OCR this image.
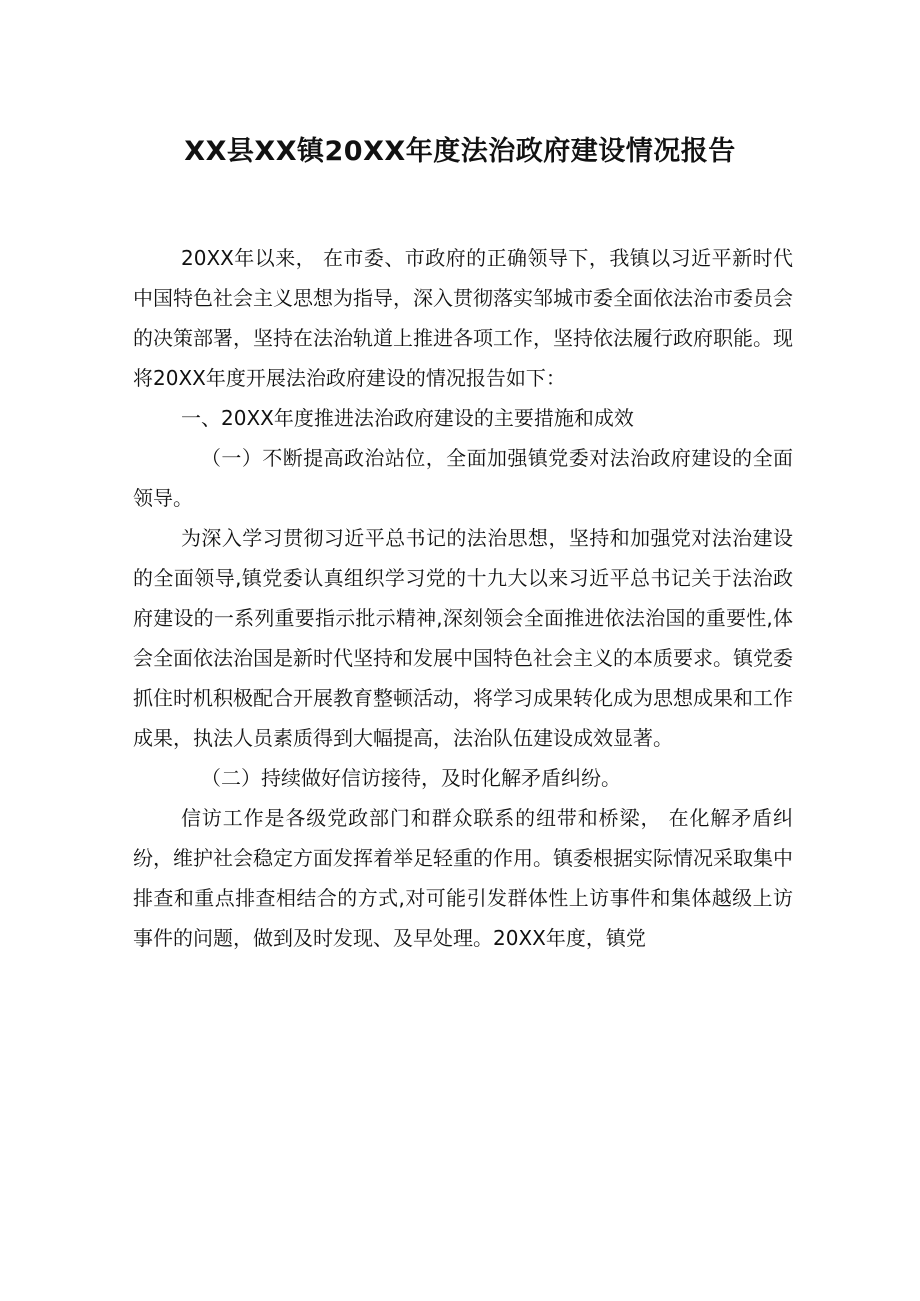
XX县XX镇20XX年度法治政府建设情况报告

20XX年以来， 在市委、市政府的正确领导下，我镇以习近平新时代中国特色社会主义思想为指导，深入贯彻落实邹城市委全面依法治市委员会的决策部署，坚持在法治轨道上推进各项工作，坚持依法履行政府职能。现将20XX年度开展法治政府建设的情况报告如下：

一、20XX年度推进法治政府建设的主要措施和成效

（一）不断提高政治站位，全面加强镇党委对法治政府建设的全面领导。

为深入学习贯彻习近平总书记的法治思想，坚持和加强党对法治建设的全面领导,镇党委认真组织学习党的十九大以来习近平总书记关于法治政府建设的一系列重要指示批示精神,深刻领会全面推进依法治国的重要性,体会全面依法治国是新时代坚持和发展中国特色社会主义的本质要求。镇党委抓住时机积极配合开展教育整顿活动，将学习成果转化成为思想成果和工作成果，执法人员素质得到大幅提高，法治队伍建设成效显著。

（二）持续做好信访接待，及时化解矛盾纠纷。

信访工作是各级党政部门和群众联系的纽带和桥梁， 在化解矛盾纠纷，维护社会稳定方面发挥着举足轻重的作用。镇委根据实际情况采取集中排查和重点排查相结合的方式,对可能引发群体性上访事件和集体越级上访事件的问题，做到及时发现、及早处理。20XX年度，镇党
